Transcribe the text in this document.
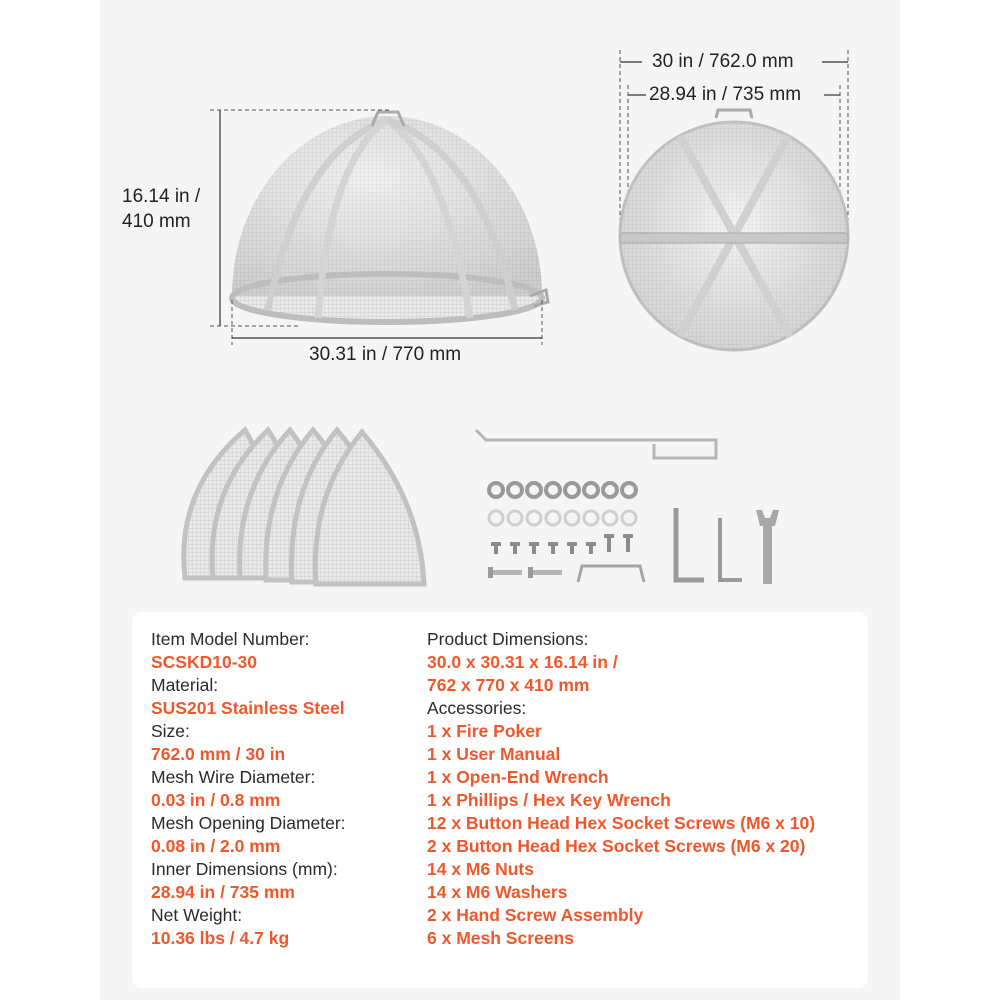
16.14 in /
410 mm
30.31 in / 770 mm
30 in / 762.0 mm
28.94 in / 735 mm
Item Model Number:
SCSKD10-30
Material:
SUS201 Stainless Steel
Size:
762.0 mm / 30 in
Mesh Wire Diameter:
0.03 in / 0.8 mm
Mesh Opening Diameter:
0.08 in / 2.0 mm
Inner Dimensions (mm):
28.94 in / 735 mm
Net Weight:
10.36 lbs / 4.7 kg
Product Dimensions:
30.0 x 30.31 x 16.14 in /
762 x 770 x 410 mm
Accessories:
1 x Fire Poker
1 x User Manual
1 x Open-End Wrench
1 x Phillips / Hex Key Wrench
12 x Button Head Hex Socket Screws (M6 x 10)
2 x Button Head Hex Socket Screws (M6 x 20)
14 x M6 Nuts
14 x M6 Washers
2 x Hand Screw Assembly
6 x Mesh Screens
